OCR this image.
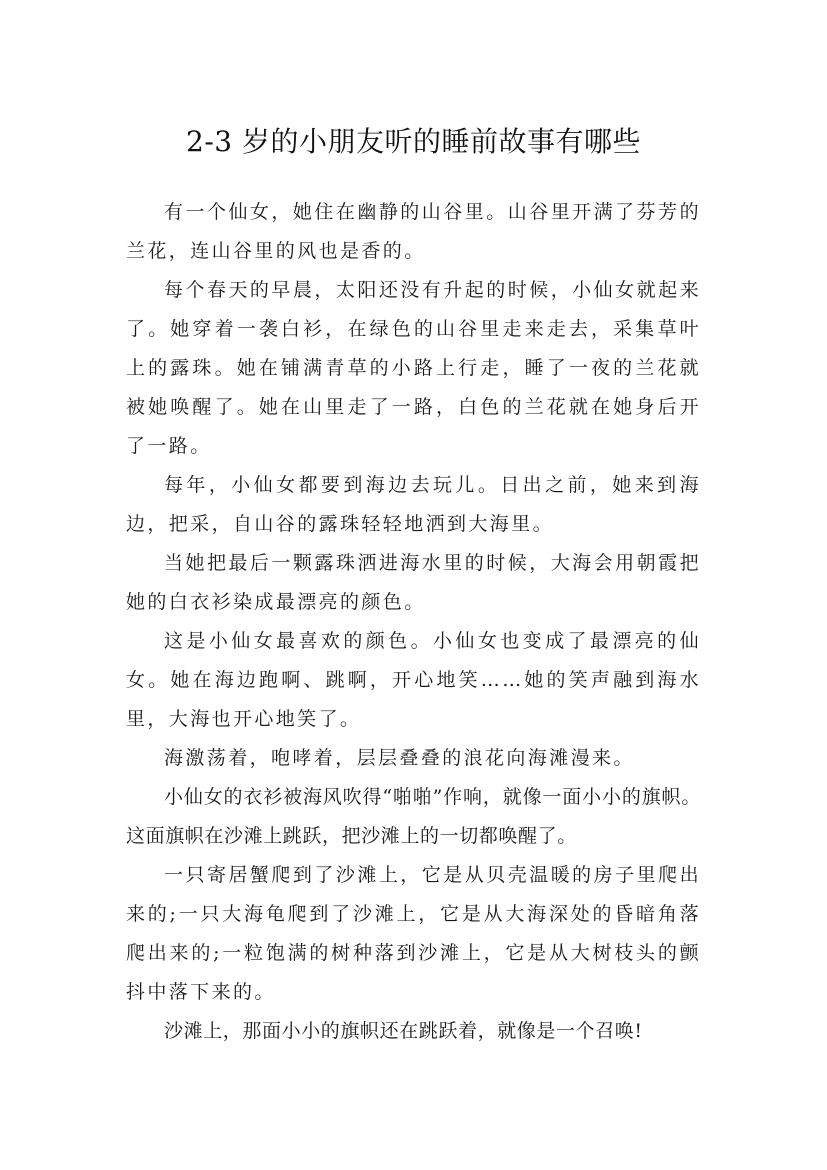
2-3 岁的小朋友听的睡前故事有哪些

有一个仙女，她住在幽静的山谷里。山谷里开满了芬芳的兰花，连山谷里的风也是香的。

每个春天的早晨，太阳还没有升起的时候，小仙女就起来了。她穿着一袭白衫，在绿色的山谷里走来走去，采集草叶上的露珠。她在铺满青草的小路上行走，睡了一夜的兰花就被她唤醒了。她在山里走了一路，白色的兰花就在她身后开了一路。

每年，小仙女都要到海边去玩儿。日出之前，她来到海边，把采，自山谷的露珠轻轻地洒到大海里。

当她把最后一颗露珠洒进海水里的时候，大海会用朝霞把她的白衣衫染成最漂亮的颜色。

这是小仙女最喜欢的颜色。小仙女也变成了最漂亮的仙女。她在海边跑啊、跳啊，开心地笑……她的笑声融到海水里，大海也开心地笑了。

海激荡着，咆哮着，层层叠叠的浪花向海滩漫来。

小仙女的衣衫被海风吹得“啪啪”作响，就像一面小小的旗帜。这面旗帜在沙滩上跳跃，把沙滩上的一切都唤醒了。

一只寄居蟹爬到了沙滩上，它是从贝壳温暖的房子里爬出来的;一只大海龟爬到了沙滩上，它是从大海深处的昏暗角落爬出来的;一粒饱满的树种落到沙滩上，它是从大树枝头的颤抖中落下来的。

沙滩上，那面小小的旗帜还在跳跃着，就像是一个召唤!
